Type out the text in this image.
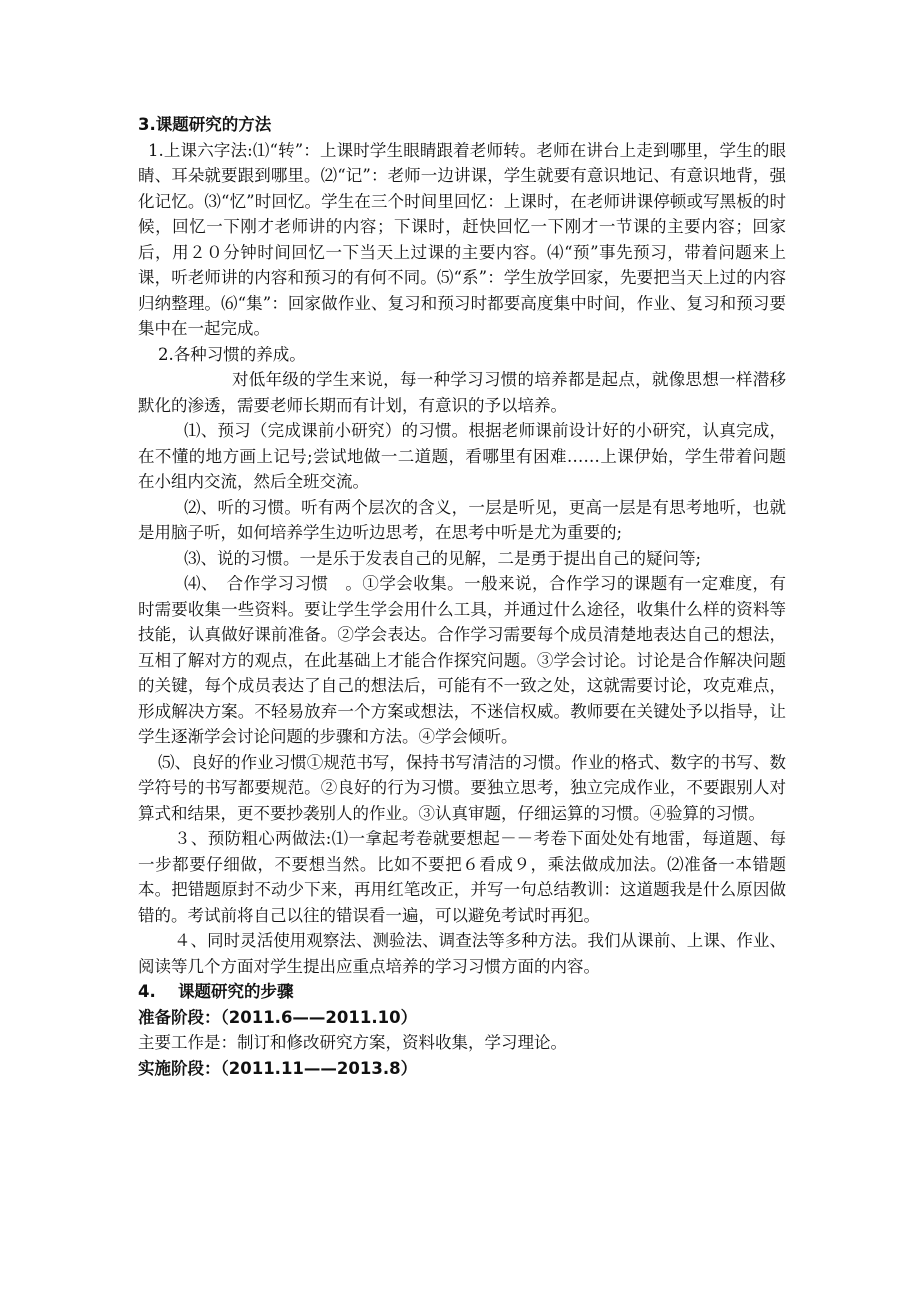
3.课题研究的方法

1.上课六字法:⑴“转”：上课时学生眼睛跟着老师转。老师在讲台上走到哪里，学生的眼睛、耳朵就要跟到哪里。⑵“记”：老师一边讲课，学生就要有意识地记、有意识地背，强化记忆。⑶“忆”时回忆。学生在三个时间里回忆：上课时，在老师讲课停顿或写黑板的时候，回忆一下刚才老师讲的内容；下课时，赶快回忆一下刚才一节课的主要内容；回家后，用２０分钟时间回忆一下当天上过课的主要内容。⑷“预”事先预习，带着问题来上课，听老师讲的内容和预习的有何不同。⑸“系”：学生放学回家，先要把当天上过的内容归纳整理。⑹“集”：回家做作业、复习和预习时都要高度集中时间，作业、复习和预习要集中在一起完成。

2.各种习惯的养成。

对低年级的学生来说，每一种学习习惯的培养都是起点，就像思想一样潜移默化的渗透，需要老师长期而有计划，有意识的予以培养。

⑴、预习（完成课前小研究）的习惯。根据老师课前设计好的小研究，认真完成，在不懂的地方画上记号;尝试地做一二道题，看哪里有困难……上课伊始，学生带着问题在小组内交流，然后全班交流。

⑵、听的习惯。听有两个层次的含义，一层是听见，更高一层是有思考地听，也就是用脑子听，如何培养学生边听边思考，在思考中听是尤为重要的;

⑶、说的习惯。一是乐于发表自己的见解，二是勇于提出自己的疑问等;

⑷、　合作学习习惯　。①学会收集。一般来说，合作学习的课题有一定难度，有时需要收集一些资料。要让学生学会用什么工具，并通过什么途径，收集什么样的资料等技能，认真做好课前准备。②学会表达。合作学习需要每个成员清楚地表达自己的想法，互相了解对方的观点，在此基础上才能合作探究问题。③学会讨论。讨论是合作解决问题的关键，每个成员表达了自己的想法后，可能有不一致之处，这就需要讨论，攻克难点，形成解决方案。不轻易放弃一个方案或想法，不迷信权威。教师要在关键处予以指导，让学生逐渐学会讨论问题的步骤和方法。④学会倾听。

⑸、良好的作业习惯①规范书写，保持书写清洁的习惯。作业的格式、数字的书写、数学符号的书写都要规范。②良好的行为习惯。要独立思考，独立完成作业，不要跟别人对算式和结果，更不要抄袭别人的作业。③认真审题，仔细运算的习惯。④验算的习惯。

３、预防粗心两做法:⑴一拿起考卷就要想起－－考卷下面处处有地雷，每道题、每一步都要仔细做，不要想当然。比如不要把６看成９，乘法做成加法。⑵准备一本错题本。把错题原封不动少下来，再用红笔改正，并写一句总结教训：这道题我是什么原因做错的。考试前将自己以往的错误看一遍，可以避免考试时再犯。

４、同时灵活使用观察法、测验法、调查法等多种方法。我们从课前、上课、作业、阅读等几个方面对学生提出应重点培养的学习习惯方面的内容。

4.　 课题研究的步骤

准备阶段：（2011.6——2011.10）

主要工作是：制订和修改研究方案，资料收集，学习理论。

实施阶段：（2011.11——2013.8）
